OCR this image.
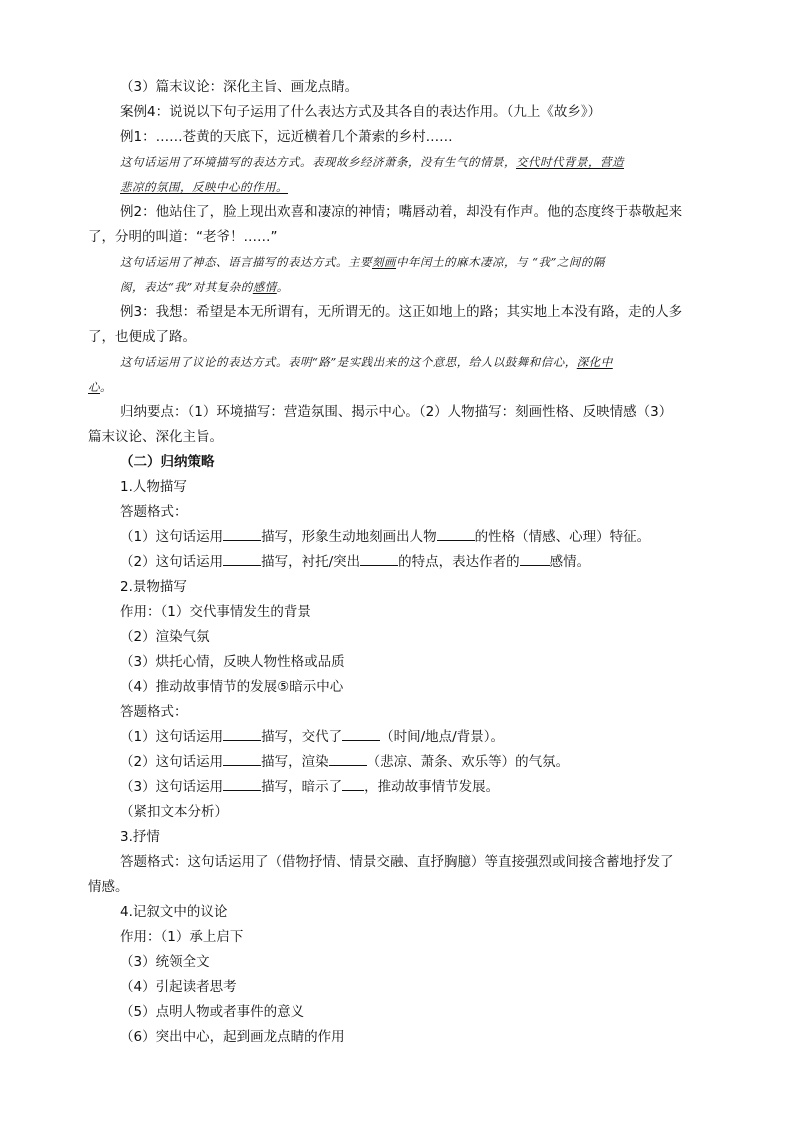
（3）篇末议论：深化主旨、画龙点睛。
案例4：说说以下句子运用了什么表达方式及其各自的表达作用。（九上《故乡》）
例1：……苍黄的天底下，远近横着几个萧索的乡村……
这句话运用了环境描写的表达方式。表现故乡经济萧条，没有生气的情景，交代时代背景，营造
悲凉的氛围，反映中心的作用。
例2：他站住了，脸上现出欢喜和凄凉的神情；嘴唇动着，却没有作声。他的态度终于恭敬起来
了，分明的叫道：“老爷！……”
这句话运用了神态、语言描写的表达方式。主要刻画中年闰土的麻木凄凉，与 “我”之间的隔
阂，表达“我”对其复杂的感情。
例3：我想：希望是本无所谓有，无所谓无的。这正如地上的路；其实地上本没有路，走的人多
了，也便成了路。
这句话运用了议论的表达方式。表明“路”是实践出来的这个意思，给人以鼓舞和信心，深化中
心。
归纳要点：（1）环境描写：营造氛围、揭示中心。（2）人物描写：刻画性格、反映情感（3）
篇末议论、深化主旨。
（二）归纳策略
1.人物描写
答题格式：
（1）这句话运用	描写，形象生动地刻画出人物	的性格（情感、心理）特征。
（2）这句话运用	描写，衬托/突出	的特点，表达作者的 感情。
2.景物描写
作用：（1）交代事情发生的背景
（2）渲染气氛
（3）烘托心情，反映人物性格或品质
（4）推动故事情节的发展⑤暗示中心
答题格式：
（1）这句话运用	描写，交代了	（时间/地点/背景）。
（2）这句话运用	描写，渲染	（悲凉、萧条、欢乐等）的气氛。
（3）这句话运用	描写，暗示了 ，推动故事情节发展。
（紧扣文本分析）
3.抒情
答题格式：这句话运用了（借物抒情、情景交融、直抒胸臆）等直接强烈或间接含蓄地抒发了
情感。
4.记叙文中的议论
作用：（1）承上启下
（3）统领全文
（4）引起读者思考
（5）点明人物或者事件的意义
（6）突出中心，起到画龙点睛的作用
